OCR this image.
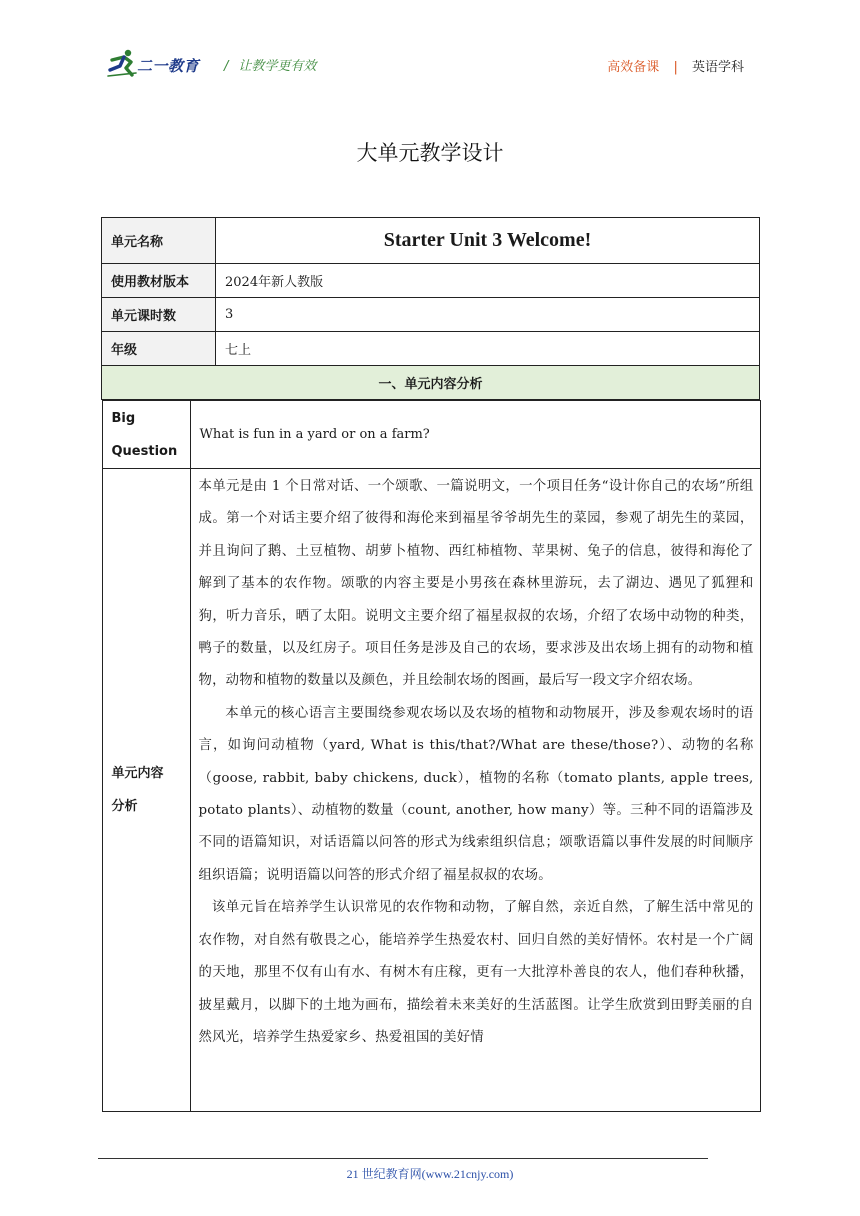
二一教育 / 让教学更有效	高效备课 | 英语学科
大单元教学设计
单元名称	Starter Unit 3 Welcome!
使用教材版本	2024年新人教版
单元课时数	3
年级	七上
一、单元内容分析

Big
Question
	What is fun in a yard or on a farm?

单元内容
分析

本单元是由 1 个日常对话、一个颂歌、一篇说明文，一个项目任务“设计你自己的农场”所组成。第一个对话主要介绍了彼得和海伦来到福星爷爷胡先生的菜园，参观了胡先生的菜园，并且询问了鹅、土豆植物、胡萝卜植物、西红柿植物、苹果树、兔子的信息，彼得和海伦了解到了基本的农作物。颂歌的内容主要是小男孩在森林里游玩，去了湖边、遇见了狐狸和狗，听力音乐，晒了太阳。说明文主要介绍了福星叔叔的农场，介绍了农场中动物的种类，鸭子的数量，以及红房子。项目任务是涉及自己的农场，要求涉及出农场上拥有的动物和植物，动物和植物的数量以及颜色，并且绘制农场的图画，最后写一段文字介绍农场。

本单元的核心语言主要围绕参观农场以及农场的植物和动物展开，涉及参观农场时的语言，如询问动植物（yard, What is this/that?/What are these/those?）、动物的名称（goose, rabbit, baby chickens, duck），植物的名称（tomato plants, apple trees, potato plants）、动植物的数量（count, another, how many）等。三种不同的语篇涉及不同的语篇知识，对话语篇以问答的形式为线索组织信息；颂歌语篇以事件发展的时间顺序组织语篇；说明语篇以问答的形式介绍了福星叔叔的农场。

该单元旨在培养学生认识常见的农作物和动物，了解自然，亲近自然，了解生活中常见的农作物，对自然有敬畏之心，能培养学生热爱农村、回归自然的美好情怀。农村是一个广阔的天地，那里不仅有山有水、有树木有庄稼，更有一大批淳朴善良的农人，他们春种秋播，披星戴月，以脚下的土地为画布，描绘着未来美好的生活蓝图。让学生欣赏到田野美丽的自然风光，培养学生热爱家乡、热爱祖国的美好情

21 世纪教育网(www.21cnjy.com)
